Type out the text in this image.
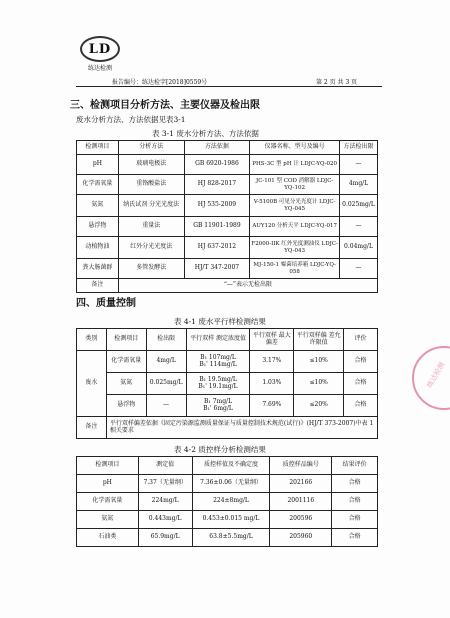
LD
练达检测
报告编号：练达检字[2018]0559号	第 2 页 共 3 页
三、检测项目分析方法、主要仪器及检出限
废水分析方法、方法依据见表3-1
表 3-1 废水分析方法、方法依据
检测项目	分析方法	方法依据	仪器名称、型号及编号	方法检出限
pH	玻璃电极法	GB 6920-1986	PHS-3C 型 pH 计 LDJC-YQ-020	—
化学需氧量	重铬酸盐法	HJ 828-2017	JC-101 型 COD 消解器 LDJC-YQ-102	4mg/L
氨氮	纳氏试剂 分光光度法	HJ 535-2009	V-5100B 可见分光光度计 LDJC-YQ-045	0.025mg/L
悬浮物	重量法	GB 11901-1989	AUY120 分析天平 LDJC-YQ-017	—
动植物油	红外分光光度法	HJ 637-2012	F2000-IIK 红外光度测油仪 LDJC-YQ-043	0.04mg/L
粪大肠菌群	多管发酵法	HJ/T 347-2007	MJ-150-1 霉菌培养箱 LDJC-YQ-058	—
备注	“—”表示无检出限			
四、质量控制
表 4-1 废水平行样检测结果
类别	检测项目	检出限	平行双样 测定浓度值	平行双样 最大偏差	平行双样偏 差允许限值	评价
废水	化学需氧量	4mg/L	B₁ 107mg/L
B₁' 114mg/L	3.17%	≤10%	合格
	氨氮	0.025mg/L	B₁ 19.5mg/L
B₁' 19.1mg/L	1.03%	≤10%	合格
	悬浮物	—	B₁ 7mg/L
B₁' 6mg/L	7.69%	≤20%	合格
备注	平行双样偏差依据《固定污染源监测质量保证与质量控制技术规范(试行)》(HJ/T 373-2007)中表 1 相关要求					
表 4-2 质控样分析检测结果
检测项目	测定值	质控样值及不确定度	质控样品编号	结果评价
pH	7.37（无量纲）	7.36±0.06（无量纲）	202166	合格
化学需氧量	224mg/L	224±8mg/L	2001116	合格
氨氮	0.443mg/L	0.453±0.015 mg/L	200596	合格
石油类	65.9mg/L	63.8±5.5mg/L	205960	合格
练达检测
